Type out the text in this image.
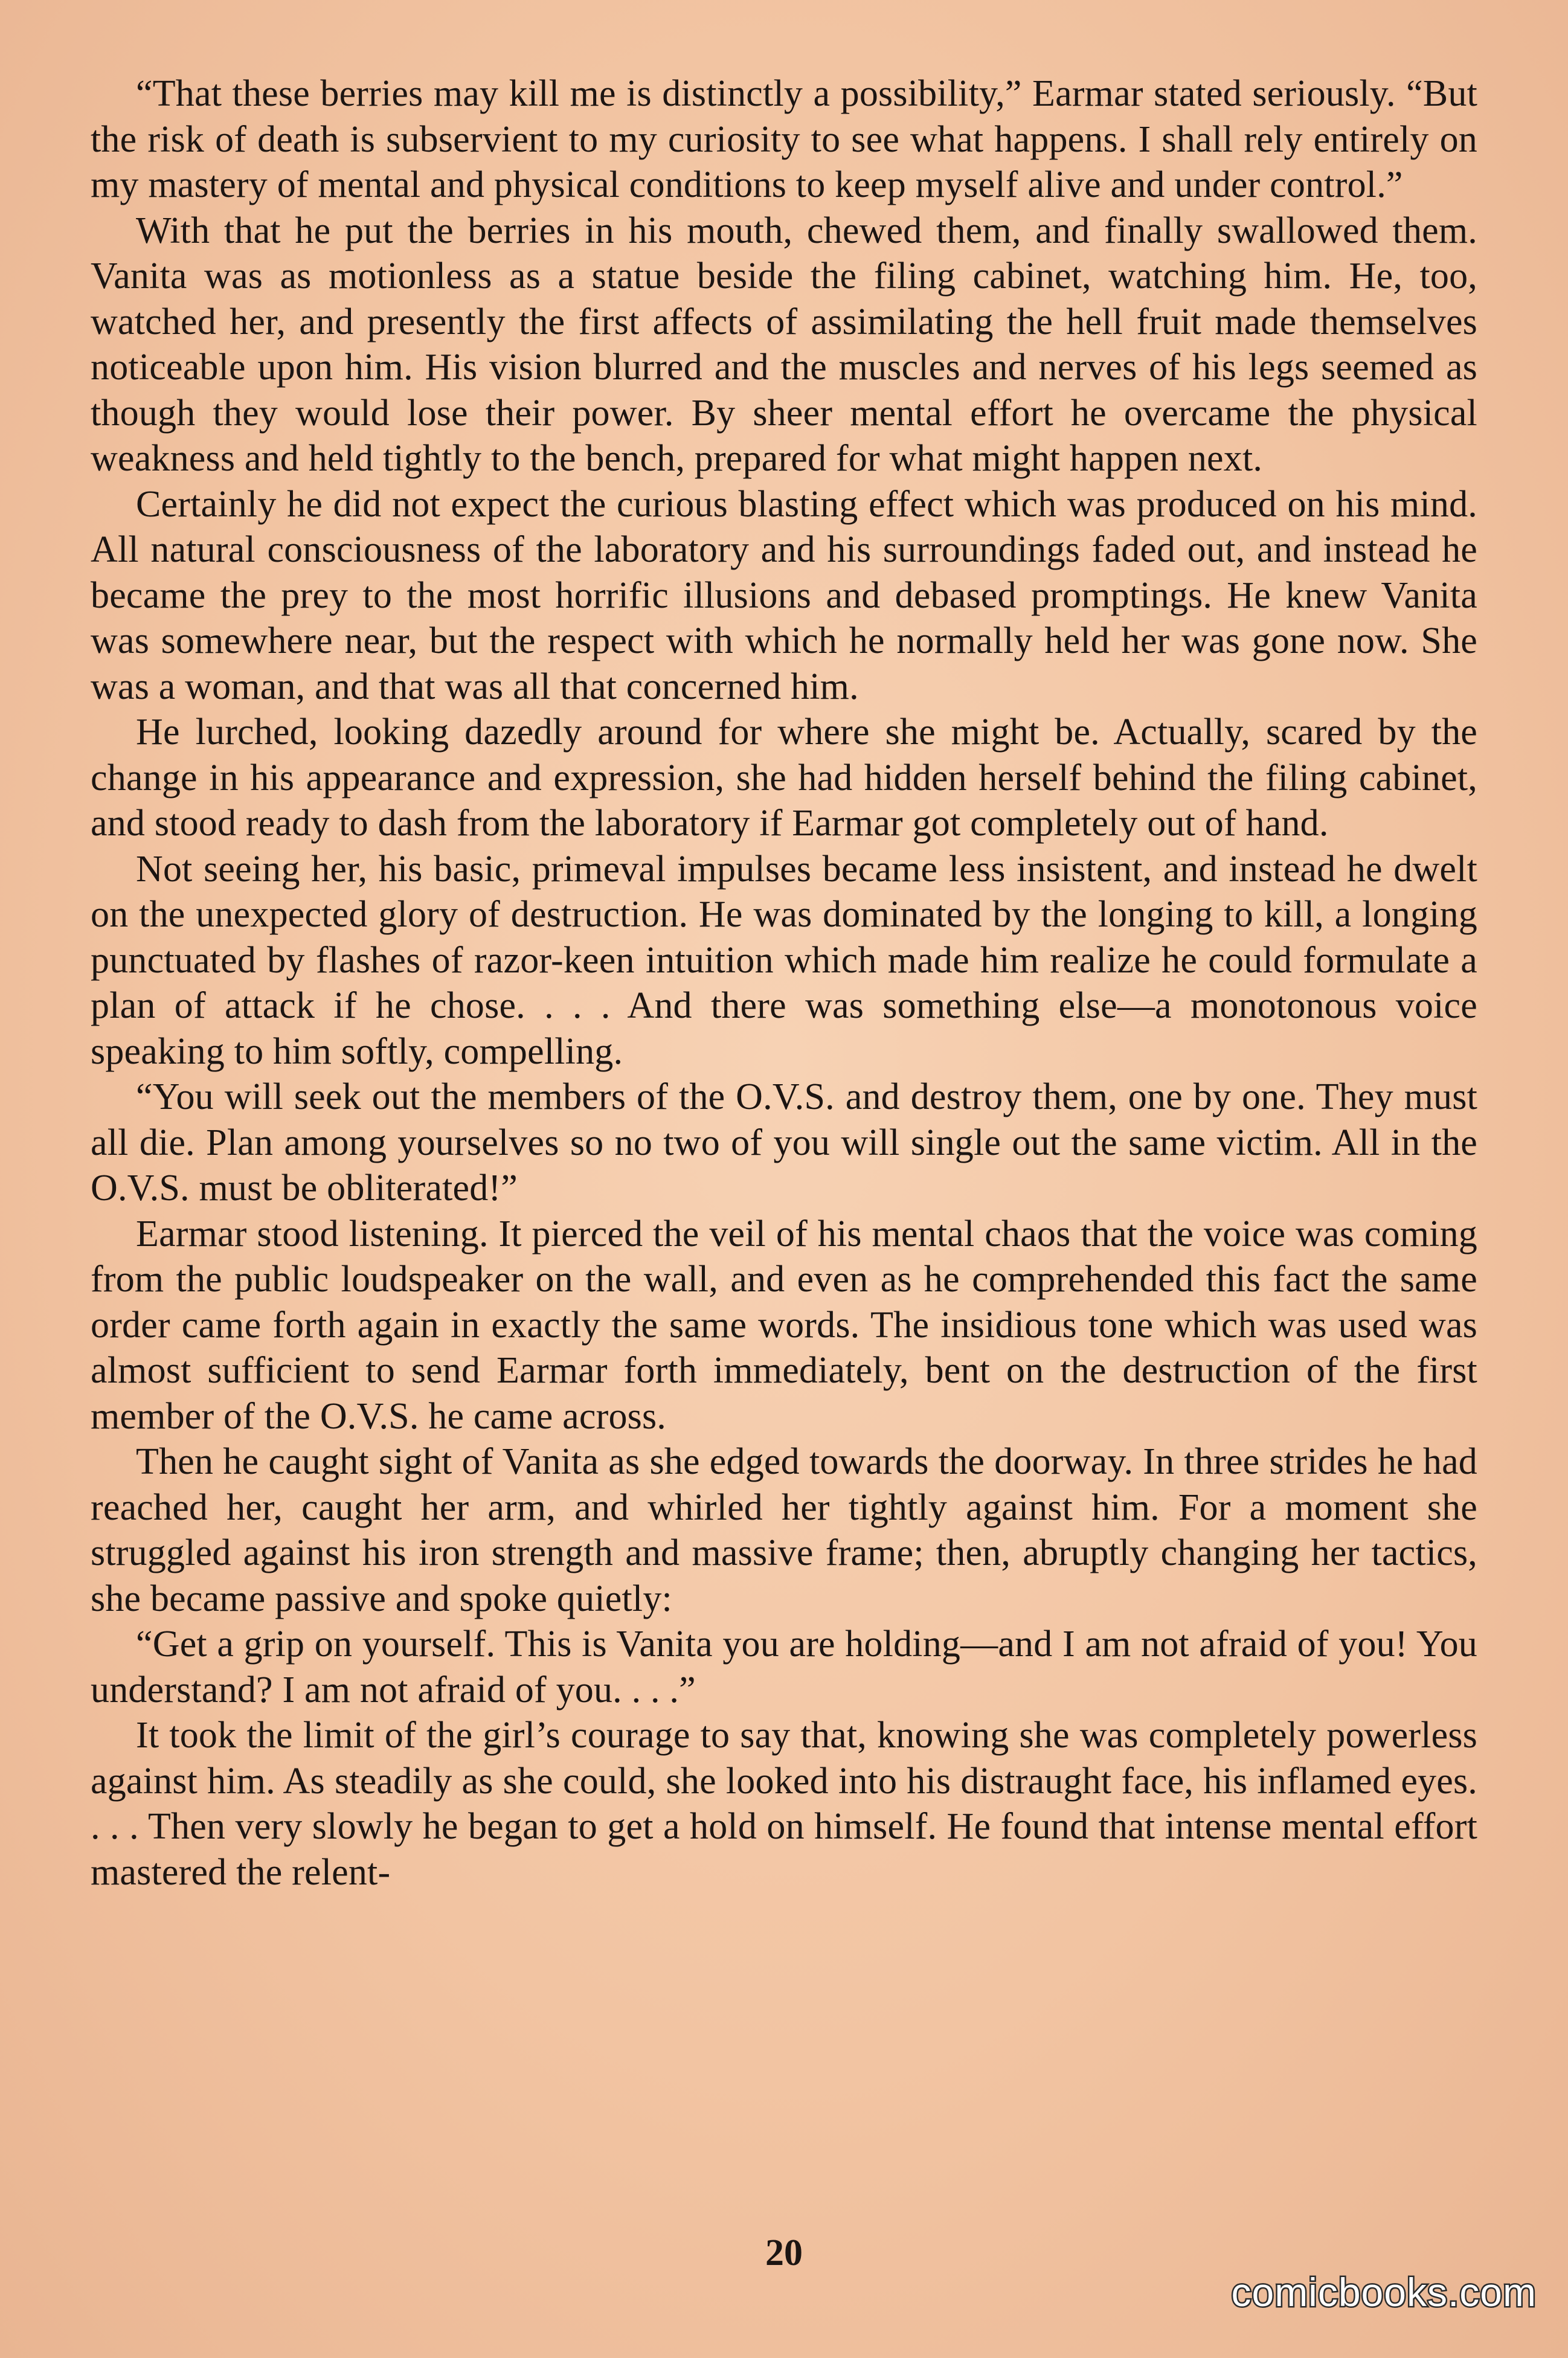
“That these berries may kill me is distinctly a possibility,” Earmar stated seriously. “But the risk of death is subservient to my curiosity to see what happens. I shall rely entirely on my mastery of mental and physical conditions to keep myself alive and under control.”

With that he put the berries in his mouth, chewed them, and finally swallowed them. Vanita was as motionless as a statue beside the filing cabinet, watching him. He, too, watched her, and presently the first affects of assimilating the hell fruit made themselves noticeable upon him. His vision blurred and the muscles and nerves of his legs seemed as though they would lose their power. By sheer mental effort he overcame the physical weakness and held tightly to the bench, prepared for what might happen next.

Certainly he did not expect the curious blasting effect which was produced on his mind. All natural consciousness of the laboratory and his surroundings faded out, and instead he became the prey to the most horrific illusions and debased promptings. He knew Vanita was somewhere near, but the respect with which he normally held her was gone now. She was a woman, and that was all that concerned him.

He lurched, looking dazedly around for where she might be. Actually, scared by the change in his appearance and expression, she had hidden herself behind the filing cabinet, and stood ready to dash from the laboratory if Earmar got completely out of hand.

Not seeing her, his basic, primeval impulses became less insistent, and instead he dwelt on the unexpected glory of destruction. He was dominated by the longing to kill, a longing punctuated by flashes of razor-keen intuition which made him realize he could formulate a plan of attack if he chose. . . . And there was something else—a monotonous voice speaking to him softly, compelling.

“You will seek out the members of the O.V.S. and destroy them, one by one. They must all die. Plan among yourselves so no two of you will single out the same victim. All in the O.V.S. must be obliterated!”

Earmar stood listening. It pierced the veil of his mental chaos that the voice was coming from the public loudspeaker on the wall, and even as he comprehended this fact the same order came forth again in exactly the same words. The insidious tone which was used was almost sufficient to send Earmar forth immediately, bent on the destruction of the first member of the O.V.S. he came across.

Then he caught sight of Vanita as she edged towards the doorway. In three strides he had reached her, caught her arm, and whirled her tightly against him. For a moment she struggled against his iron strength and massive frame; then, abruptly changing her tactics, she became passive and spoke quietly:

“Get a grip on yourself. This is Vanita you are holding—and I am not afraid of you! You understand? I am not afraid of you. . . .”

It took the limit of the girl’s courage to say that, knowing she was completely powerless against him. As steadily as she could, she looked into his distraught face, his inflamed eyes. . . . Then very slowly he began to get a hold on himself. He found that intense mental effort mastered the relent-

20
comicbooks.com
